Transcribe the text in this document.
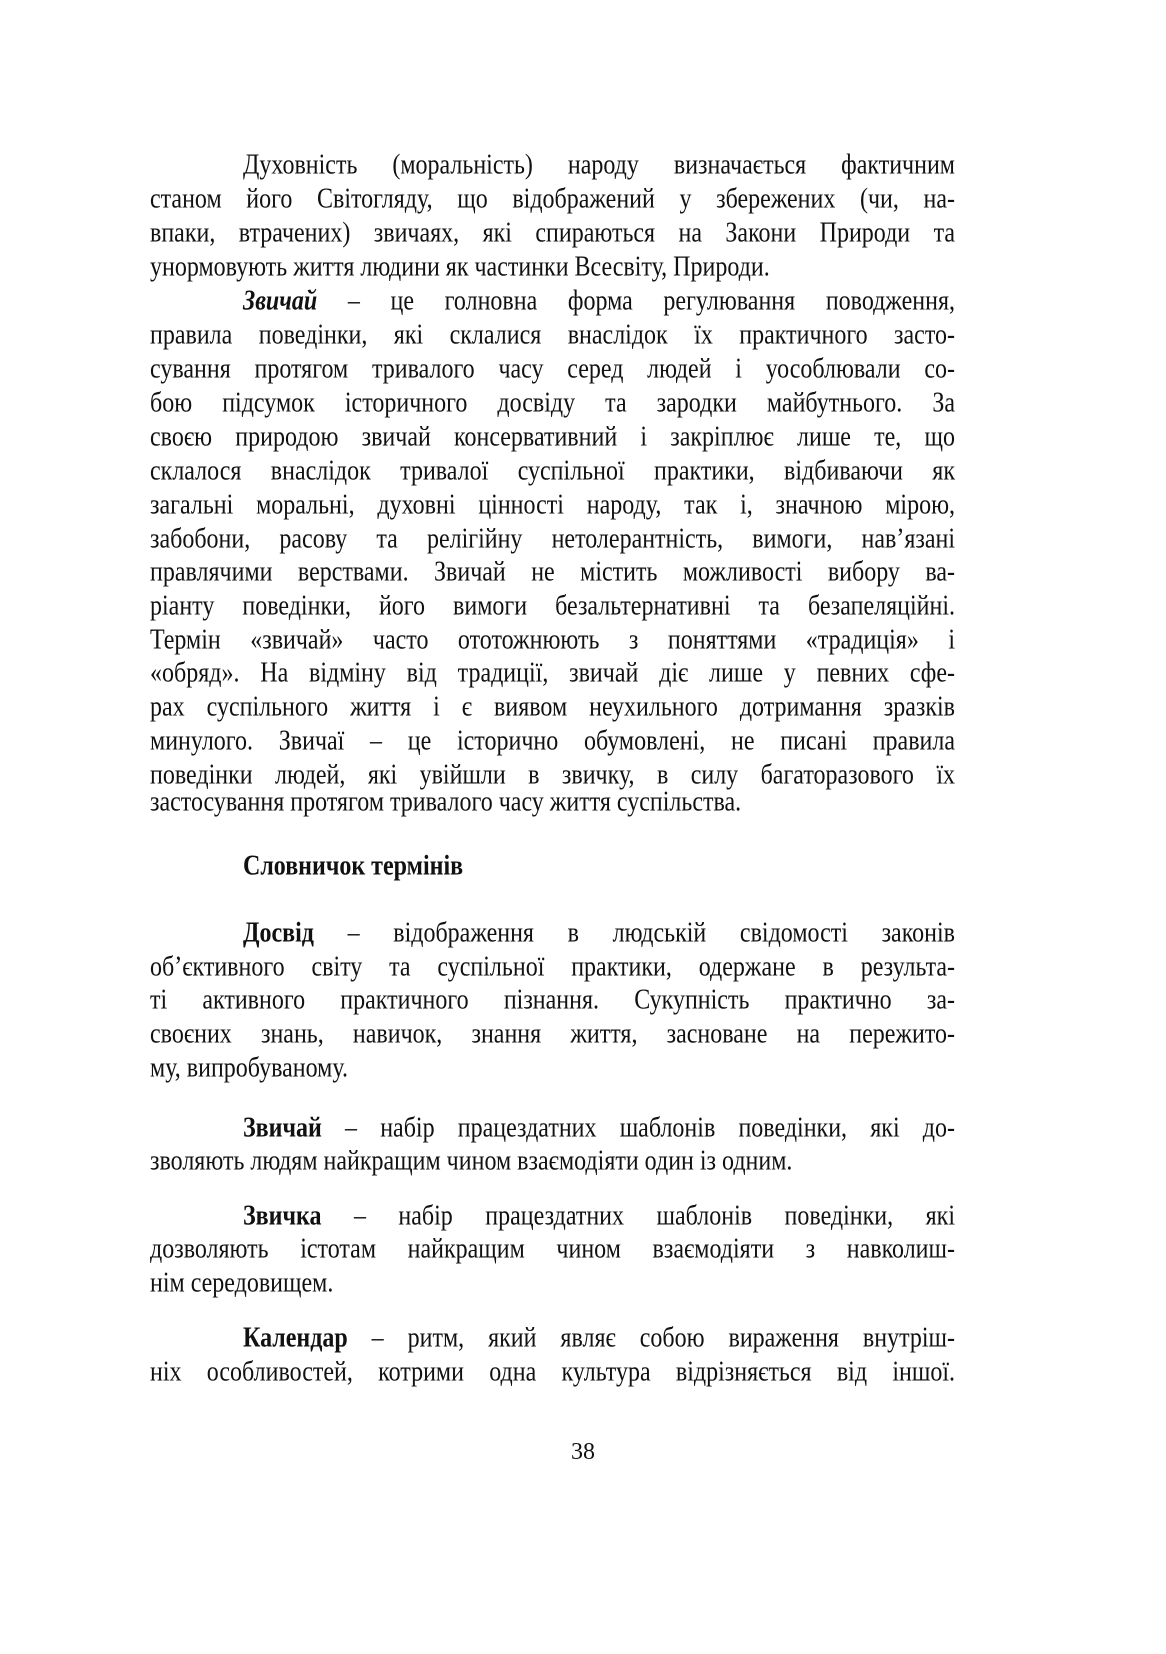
Духовність (моральність) народу визначається фактичним
станом його Світогляду, що відображений у збережених (чи, на-
впаки, втрачених) звичаях, які спираються на Закони Природи та
унормовують життя людини як частинки Всесвіту, Природи.
Звичай – це голновна форма регулювання поводження,
правила поведінки, які склалися внаслідок їх практичного засто-
сування протягом тривалого часу серед людей і уособлювали со-
бою підсумок історичного досвіду та зародки майбутнього. За
своєю природою звичай консервативний і закріплює лише те, що
склалося внаслідок тривалої суспільної практики, відбиваючи як
загальні моральні, духовні цінності народу, так і, значною мірою,
забобони, расову та релігійну нетолерантність, вимоги, нав’язані
правлячими верствами. Звичай не містить можливості вибору ва-
ріанту поведінки, його вимоги безальтернативні та безапеляційні.
Термін «звичай» часто ототожнюють з поняттями «традиція» і
«обряд». На відміну від традиції, звичай діє лише у певних сфе-
рах суспільного життя і є виявом неухильного дотримання зразків
минулого. Звичаї – це історично обумовлені, не писані правила
поведінки людей, які увійшли в звичку, в силу багаторазового їх
застосування протягом тривалого часу життя суспільства.
Словничок термінів
Досвід – відображення в людській свідомості законів
об’єктивного світу та суспільної практики, одержане в результа-
ті активного практичного пізнання. Сукупність практично за-
своєних знань, навичок, знання життя, засноване на пережито-
му, випробуваному.
Звичай – набір працездатних шаблонів поведінки, які до-
зволяють людям найкращим чином взаємодіяти один із одним.
Звичка – набір працездатних шаблонів поведінки, які
дозволяють істотам найкращим чином взаємодіяти з навколиш-
нім середовищем.
Календар – ритм, який являє собою вираження внутріш-
ніх особливостей, котрими одна культура відрізняється від іншої.
38
